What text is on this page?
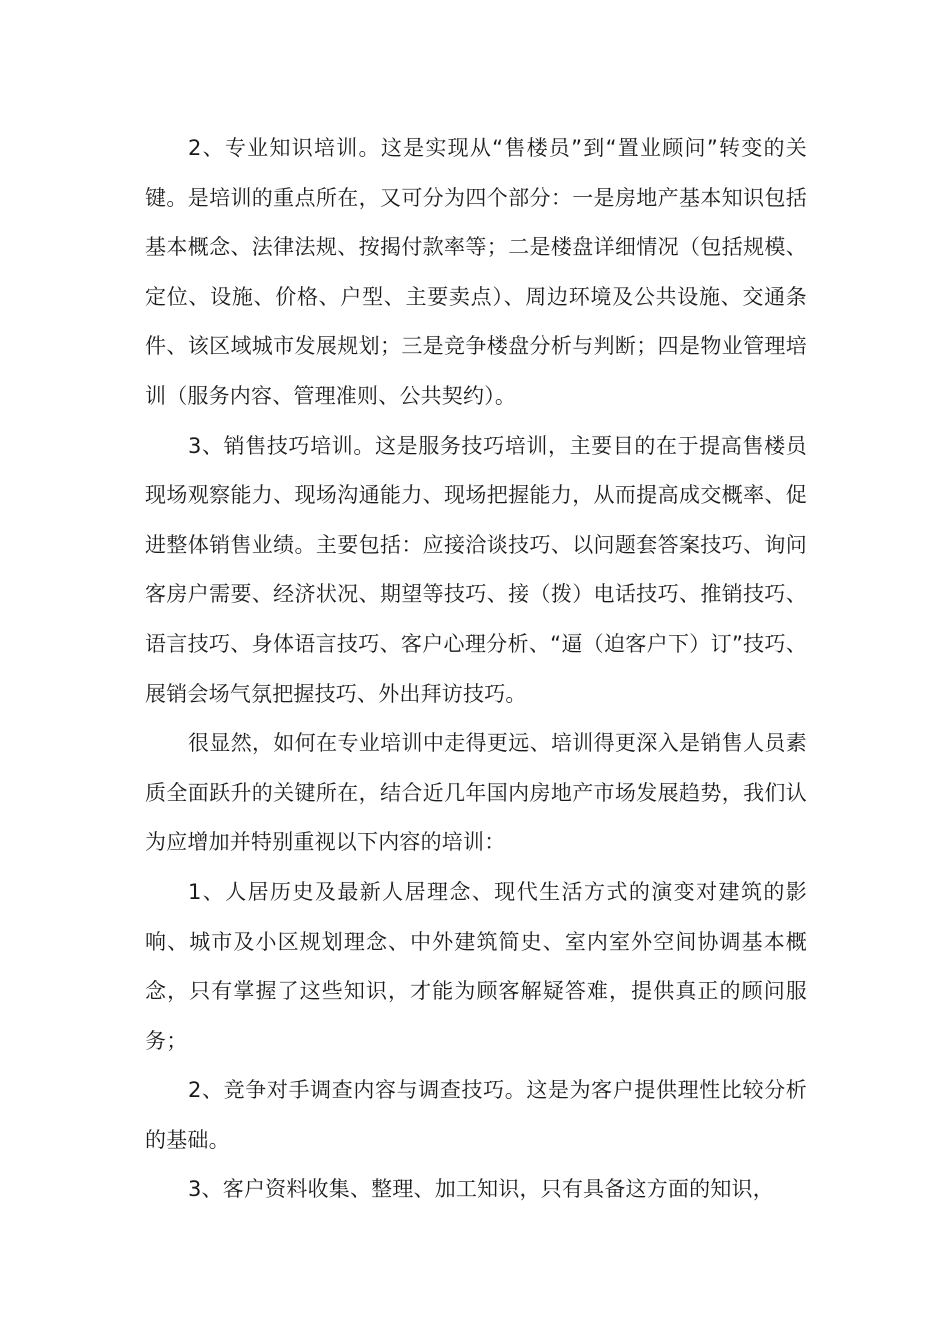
2、专业知识培训。这是实现从“售楼员”到“置业顾问”转变的关键。是培训的重点所在，又可分为四个部分：一是房地产基本知识包括基本概念、法律法规、按揭付款率等；二是楼盘详细情况（包括规模、定位、设施、价格、户型、主要卖点）、周边环境及公共设施、交通条件、该区域城市发展规划；三是竞争楼盘分析与判断；四是物业管理培训（服务内容、管理准则、公共契约）。

3、销售技巧培训。这是服务技巧培训，主要目的在于提高售楼员现场观察能力、现场沟通能力、现场把握能力，从而提高成交概率、促进整体销售业绩。主要包括：应接洽谈技巧、以问题套答案技巧、询问客房户需要、经济状况、期望等技巧、接（拨）电话技巧、推销技巧、语言技巧、身体语言技巧、客户心理分析、“逼（迫客户下）订”技巧、展销会场气氛把握技巧、外出拜访技巧。

很显然，如何在专业培训中走得更远、培训得更深入是销售人员素质全面跃升的关键所在，结合近几年国内房地产市场发展趋势，我们认为应增加并特别重视以下内容的培训：

1、人居历史及最新人居理念、现代生活方式的演变对建筑的影响、城市及小区规划理念、中外建筑简史、室内室外空间协调基本概念，只有掌握了这些知识，才能为顾客解疑答难，提供真正的顾问服务；

2、竞争对手调查内容与调查技巧。这是为客户提供理性比较分析的基础。

3、客户资料收集、整理、加工知识，只有具备这方面的知识，
